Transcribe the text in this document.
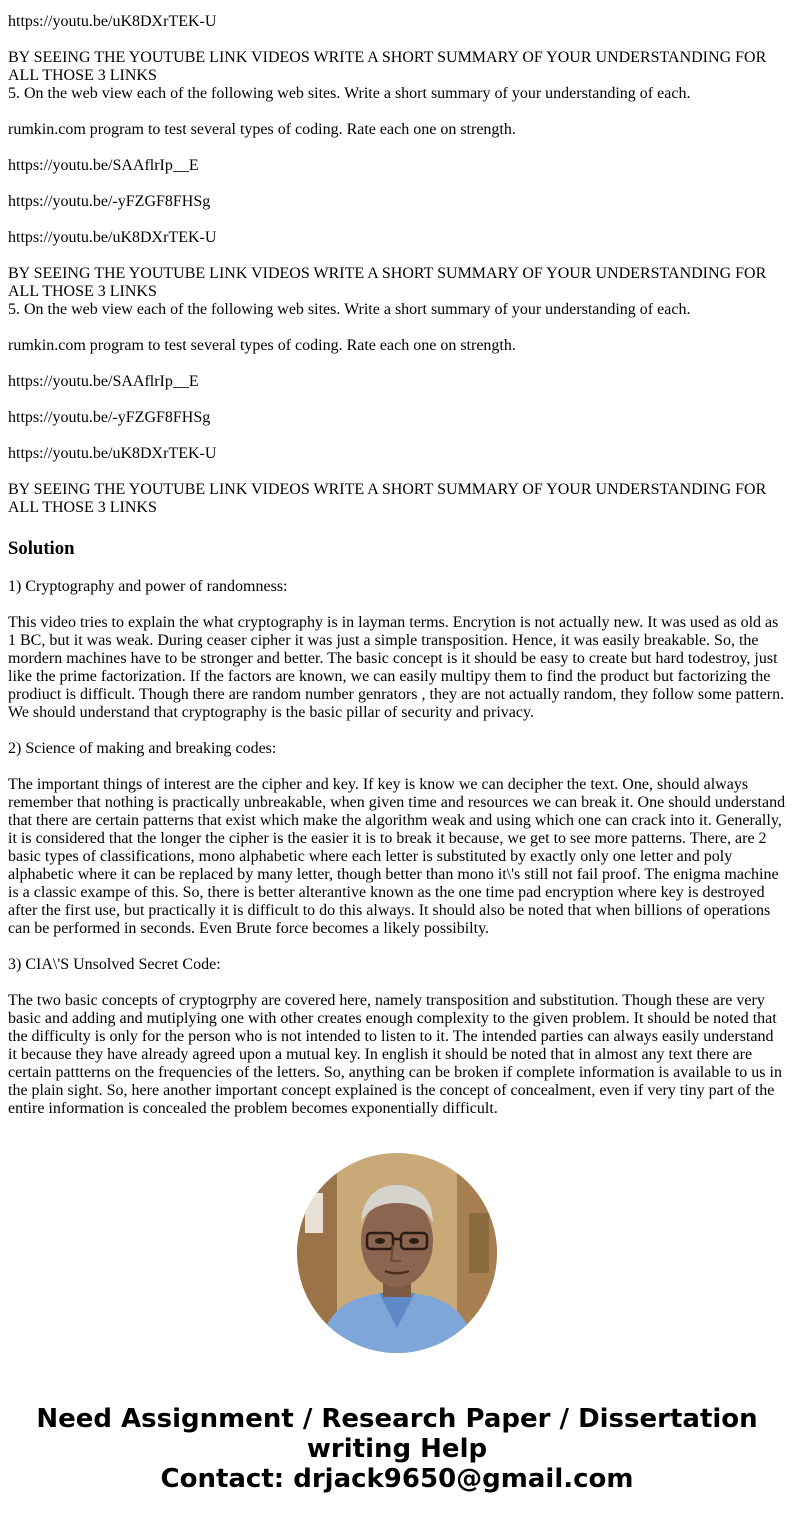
https://youtu.be/uK8DXrTEK-U

BY SEEING THE YOUTUBE LINK VIDEOS WRITE A SHORT SUMMARY OF YOUR UNDERSTANDING FOR ALL THOSE 3 LINKS

5. On the web view each of the following web sites. Write a short summary of your understanding of each.

rumkin.com program to test several types of coding. Rate each one on strength.

https://youtu.be/SAAflrIp__E

https://youtu.be/-yFZGF8FHSg

https://youtu.be/uK8DXrTEK-U

BY SEEING THE YOUTUBE LINK VIDEOS WRITE A SHORT SUMMARY OF YOUR UNDERSTANDING FOR ALL THOSE 3 LINKS

5. On the web view each of the following web sites. Write a short summary of your understanding of each.

rumkin.com program to test several types of coding. Rate each one on strength.

https://youtu.be/SAAflrIp__E

https://youtu.be/-yFZGF8FHSg

https://youtu.be/uK8DXrTEK-U

BY SEEING THE YOUTUBE LINK VIDEOS WRITE A SHORT SUMMARY OF YOUR UNDERSTANDING FOR ALL THOSE 3 LINKS

Solution

1) Cryptography and power of randomness:

This video tries to explain the what cryptography is in layman terms. Encrytion is not actually new. It was used as old as 1 BC, but it was weak. During ceaser cipher it was just a simple transposition. Hence, it was easily breakable. So, the mordern machines have to be stronger and better. The basic concept is it should be easy to create but hard todestroy, just like the prime factorization. If the factors are known, we can easily multipy them to find the product but factorizing the prodiuct is difficult. Though there are random number genrators , they are not actually random, they follow some pattern. We should understand that cryptography is the basic pillar of security and privacy.

2) Science of making and breaking codes:

The important things of interest are the cipher and key. If key is know we can decipher the text. One, should always remember that nothing is practically unbreakable, when given time and resources we can break it. One should understand that there are certain patterns that exist which make the algorithm weak and using which one can crack into it. Generally, it is considered that the longer the cipher is the easier it is to break it because, we get to see more patterns. There, are 2 basic types of classifications, mono alphabetic where each letter is substituted by exactly only one letter and poly alphabetic where it can be replaced by many letter, though better than mono it\'s still not fail proof. The enigma machine is a classic exampe of this. So, there is better alterantive known as the one time pad encryption where key is destroyed after the first use, but practically it is difficult to do this always. It should also be noted that when billions of operations can be performed in seconds. Even Brute force becomes a likely possibilty.

3) CIA\'S Unsolved Secret Code:

The two basic concepts of cryptogrphy are covered here, namely transposition and substitution. Though these are very basic and adding and mutiplying one with other creates enough complexity to the given problem. It should be noted that the difficulty is only for the person who is not intended to listen to it. The intended parties can always easily understand it because they have already agreed upon a mutual key. In english it should be noted that in almost any text there are certain pattterns on the frequencies of the letters. So, anything can be broken if complete information is available to us in the plain sight. So, here another important concept explained is the concept of concealment, even if very tiny part of the entire information is concealed the problem becomes exponentially difficult.

Need Assignment / Research Paper / Dissertation
writing Help
Contact: drjack9650@gmail.com
